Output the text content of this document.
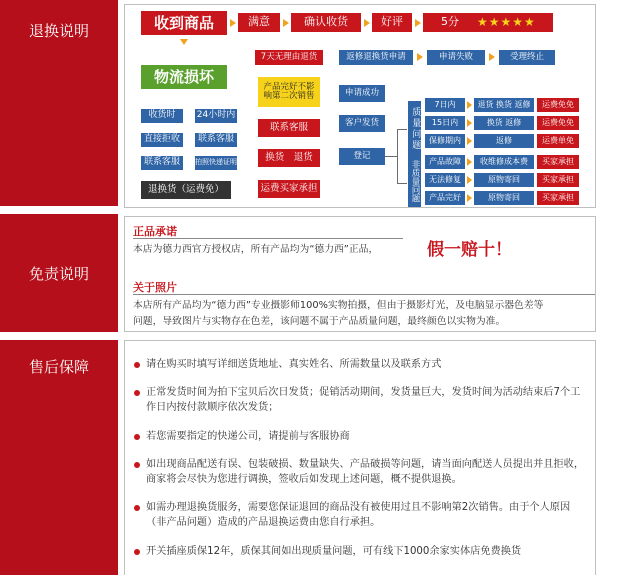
退换说明	收到商品	满意	确认收货	好评	5分 ★★★★★
物流损坏
收货时	24小时内
直接拒收	联系客服
联系客服	拍照快递证明
退换货（运费免）
7天无理由退货
产品完好不影响第二次销售
联系客服
换货　退货
运费买家承担
返修退换货申请	申请失败	受理终止
申请成功
客户发货
登记
质量问题
非质量问题
7日内	退货 换货 返修	运费免免
15日内	换货 返修	运费免免
保修期内	返修	运费单免
产品故障	收维修成本费	买家承担
无法修复	原物寄回	买家承担
产品完好	原物寄回	买家承担
免责说明
正品承诺
本店为德力西官方授权店，所有产品均为“德力西”正品，	假一赔十！
关于照片
本店所有产品均为“德力西”专业摄影师100%实物拍摄，但由于摄影灯光，及电脑显示器色差等
问题，导致图片与实物存在色差，该问题不属于产品质量问题，最终颜色以实物为准。
售后保障	请在购买时填写详细送货地址、真实姓名、所需数量以及联系方式
正常发货时间为拍下宝贝后次日发货；促销活动期间，发货量巨大，发货时间为活动结束后7个工作日内按付款顺序依次发货；
若您需要指定的快递公司，请提前与客服协商
如出现商品配送有误、包装破损、数量缺失、产品破损等问题，请当面向配送人员提出并且拒收，商家将会尽快为您进行调换，签收后如发现上述问题，概不提供退换。
如需办理退换货服务，需要您保证退回的商品没有被使用过且不影响第2次销售。由于个人原因（非产品问题）造成的产品退换运费由您自行承担。
开关插座质保12年，质保其间如出现质量问题，可有线下1000余家实体店免费换货
